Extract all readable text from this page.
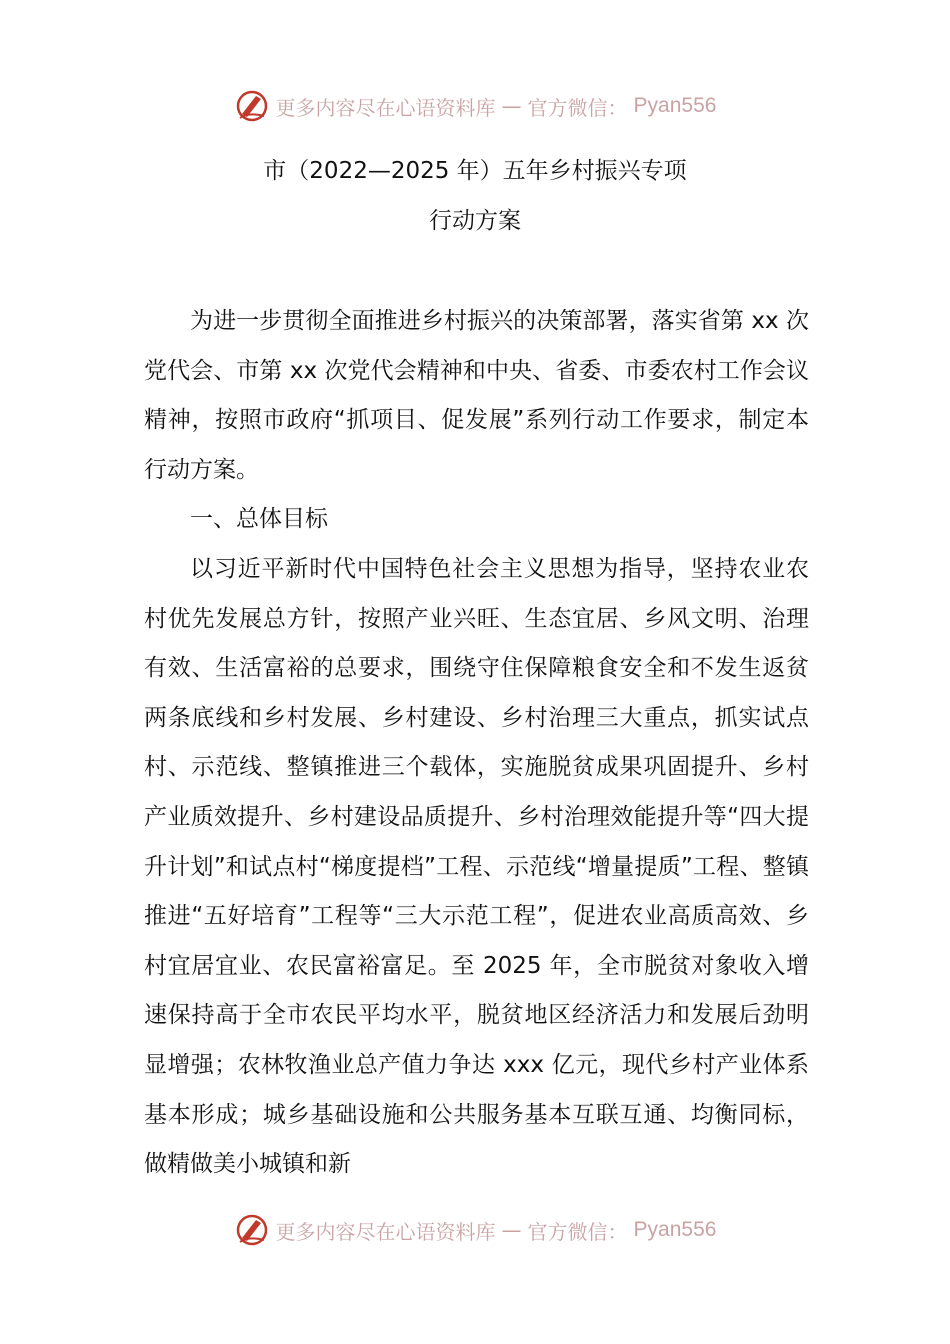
更多内容尽在心语资料库 — 官方微信： Pyan556
市（2022—2025 年）五年乡村振兴专项
行动方案

为进一步贯彻全面推进乡村振兴的决策部署，落实省第 xx 次党代会、市第 xx 次党代会精神和中央、省委、市委农村工作会议精神，按照市政府“抓项目、促发展”系列行动工作要求，制定本行动方案。

一、总体目标

以习近平新时代中国特色社会主义思想为指导，坚持农业农村优先发展总方针，按照产业兴旺、生态宜居、乡风文明、治理有效、生活富裕的总要求，围绕守住保障粮食安全和不发生返贫两条底线和乡村发展、乡村建设、乡村治理三大重点，抓实试点村、示范线、整镇推进三个载体，实施脱贫成果巩固提升、乡村产业质效提升、乡村建设品质提升、乡村治理效能提升等“四大提升计划”和试点村“梯度提档”工程、示范线“增量提质”工程、整镇推进“五好培育”工程等“三大示范工程”，促进农业高质高效、乡村宜居宜业、农民富裕富足。至 2025 年，全市脱贫对象收入增速保持高于全市农民平均水平，脱贫地区经济活力和发展后劲明显增强；农林牧渔业总产值力争达 xxx 亿元，现代乡村产业体系基本形成；城乡基础设施和公共服务基本互联互通、均衡同标，做精做美小城镇和新

更多内容尽在心语资料库 — 官方微信： Pyan556
